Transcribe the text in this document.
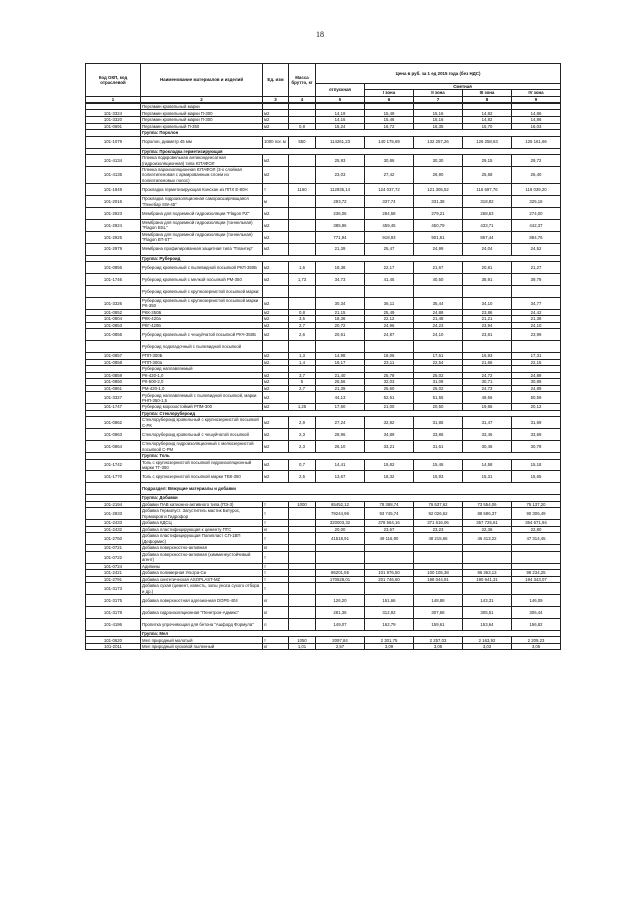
18
Код ОКП, код отраслевой	Наименование материалов и изделий	Ед. изм	Масса брутто, кг	Цена в руб. за 1 ед 2015 года (без НДС)				
				отпускная	Сметная			
					I зона	II зона	III зона	IV зона

1	2	3	4	5	6	7	8	9
	Пергамин кровельный марки							
101-3324	Пергамин кровельный марки П-300	м2		14,19	15,49	15,16	14,82	14,86
101-3320	Пергамин кровельный марки П-300	м2		14,16	15,46	15,16	14,82	14,86
101-0691	Пергамин кровельный П-350	м2	0,8	15,24	16,72	16,35	15,70	16,03
	Группа: Поролон							
101-1079	Поролон, диаметр 45 мм	1000 пог. м	550	114261,23	140 175,69	132 257,26	126 258,63	125 161,66
	Группа: Прокладка герметизирующая							
101-4134	Пленка подкровельная антиконденсатная (гидроизоляционная) типа ЮТАФОЛ	м2		25,93	30,86	30,30	29,15	29,72
101-4135	Пленка пароизоляционная ЮТАФОЛ (3-х слойная полиэтиленовая с армированным слоем из полиэтиленовых полос)	м2		23,03	27,42	26,90	25,58	26,40
101-1849	Прокладка герметизирующая Консхан из ППХ Е-80Н	т	1160	112935,14	124 037,72	121 305,52	116 697,76	119 039,20
101-2016	Прокладка гидроизоляционная саморасширяющаяся "Пенебар SW-45"	м		293,72	337,74	331,38	318,82	325,16
101-2923	Мембрана для подземной гидроизоляции "Flagon PZ"	м2		236,06	284,58	279,21	268,63	274,00
101-2924	Мембрана для подземной гидроизоляции (тоннельная) "Flagon BSL"	м2		385,96	459,45	450,79	433,71	442,37
101-2925	Мембрана для подземной гидроизоляции (тоннельная) "Flagon BT-ST"	м2		771,94	918,93	901,61	867,44	884,76
101-2979	Мембрана профилированная защитная типа "Плантер"	м2		21,39	25,47	24,99	24,04	24,52
	Группа: Рубероид							
101-0856	Рубероид кровельный с пылевидной посыпкой РКП-350Б	м2	1,6	18,38	22,17	21,67	20,81	21,27
101-1746	Рубероид кровельный с мелкой посыпкой РМ-350	м2	1,73	34,73	41,45	40,50	38,91	39,78
	Рубероид кровельный с крупнозернистой посыпкой марки:							
101-3326	Рубероид кровельный с крупнозернистой посыпкой марки РК-350	м2		30,34	36,11	35,44	34,10	34,77
101-0852	РКК-350Б	м2	0,8	21,15	25,49	24,88	23,86	24,42
101-0804	РКК-420а	м2	3,5	18,36	22,12	21,48	21,21	21,38
101-0853	РКГ-420Б	м2	2,7	20,72	24,96	24,23	23,94	24,10
101-0855	Рубероид кровельный с чешуйчатой посыпкой РКЧ-350Б	м2	2,6	20,61	24,87	24,10	23,81	23,99
	Рубероид подкладочный с пылевидной посыпкой							
101-0857	РПП-300Б	м2	1,3	14,98	18,06	17,61	16,93	17,31
101-0858	РПП-300а	м2	1,4	19,17	23,11	22,54	21,66	22,15
	Рубероид наплавляемый							
101-0859	РК-420-1,0	м2	3,7	21,40	25,78	25,02	24,72	24,89
101-0860	РК-500-2,0	м2	5	26,56	32,03	31,08	30,71	30,89
101-0861	РМ-420-1,0	м2	2,7	21,39	25,60	25,02	24,73	24,89
101-3327	Рубероид наплавляемый с пылевидной посыпкой, марки РНП-350-1,5	м2		44,13	52,51	51,55	49,56	50,59
101-1747	Рубероид морозостойкий РПМ-300	м2	1,25	17,60	21,00	20,50	19,65	20,12
	Группа: Стеклорубероид							
101-0862	Стеклорубероид кровельный с крупнозернистой посыпкой С-РК	м2	2,9	27,24	32,82	31,85	31,47	31,69
101-0863	Стеклорубероид кровельный с чешуйчатой посыпкой	м2	2,3	28,96	34,89	33,86	33,46	33,69
101-0864	Стеклорубероид гидроизоляционный с мелкозернистой посыпкой С-РМ	м2	2,3	26,10	33,21	31,61	30,46	30,78
	Группа: Толь							
101-1742	Толь с крупнозернистой посыпкой гидроизоляционный марки ТГ-350	м2	0,7	14,41	15,82	15,46	14,58	15,18
101-1770	Толь с крупнозернистой посыпкой марки ТВК-350	м2	2,5	13,67	18,32	15,93	15,31	15,65
	Подраздел: Вяжущие материалы и добавки							
	Группа: Добавки							
101-2194	Добавки ПАВ катионно-активного типа (ПЭ-3)	т	1000	65452,12	78 388,74	76 537,62	73 554,06	75 137,20
101-2833	Добавка Гермопуст. Загуститель мастик Битурос, Гермокров и Гидрофор	т		79244,96	93 745,74	92 026,62	88 586,37	90 306,49
101-2433	Добавка КДСЦ	т		320003,32	378 564,16	371 616,06	357 725,61	364 671,94
101-2432	Добавка пластифицирующая к цементу ПТС	кг		20,00	23,67	23,23	22,36	22,80
101-2750	Добавка пластифицирующая Полипласт СП-1ВП (Деформис)	т		41518,91	49 116,90	48 215,66	46 413,22	47 314,45
101-0721	Добавка поверхностно-активная	кг						
101-0722	Добавка поверхностно-активная (химменеустойчивый агент)	т						
101-0724	Адипины	т						
101-2421	Добавка полимерная Ультра-Си	т		86201,55	101 976,50	100 105,38	96 363,13	98 234,25
101-2791	Добавка синтетическая ASOPLAST-MZ	т		170628,01	201 746,60	198 044,91	190 641,31	194 343,07
101-3173	Добавка сухая (цемент, известь, золы уноса сухого отбора и др.)	т						
101-3175	Добавка поверхностная адгезионная DOPE-404	кг		126,20	151,66	148,88	143,31	146,09
101-3178	Добавка гидроизоляционная "Пенетрон-Адмикс"	кг		281,36	312,92	307,68	305,51	306,44
101-4196	Пропитка упрочняющая для бетона "Ашфорд Формула"	л		149,07	162,79	159,61	153,64	156,82
	Группа: Мел							
101-0620	Мел природный молотый	т	1050	2097,84	2 301,75	2 257,03	2 163,92	2 209,23
101-2011	Мел природный кусковой пыленный	кг	1,01	2,57	3,09	3,05	3,03	3,06
